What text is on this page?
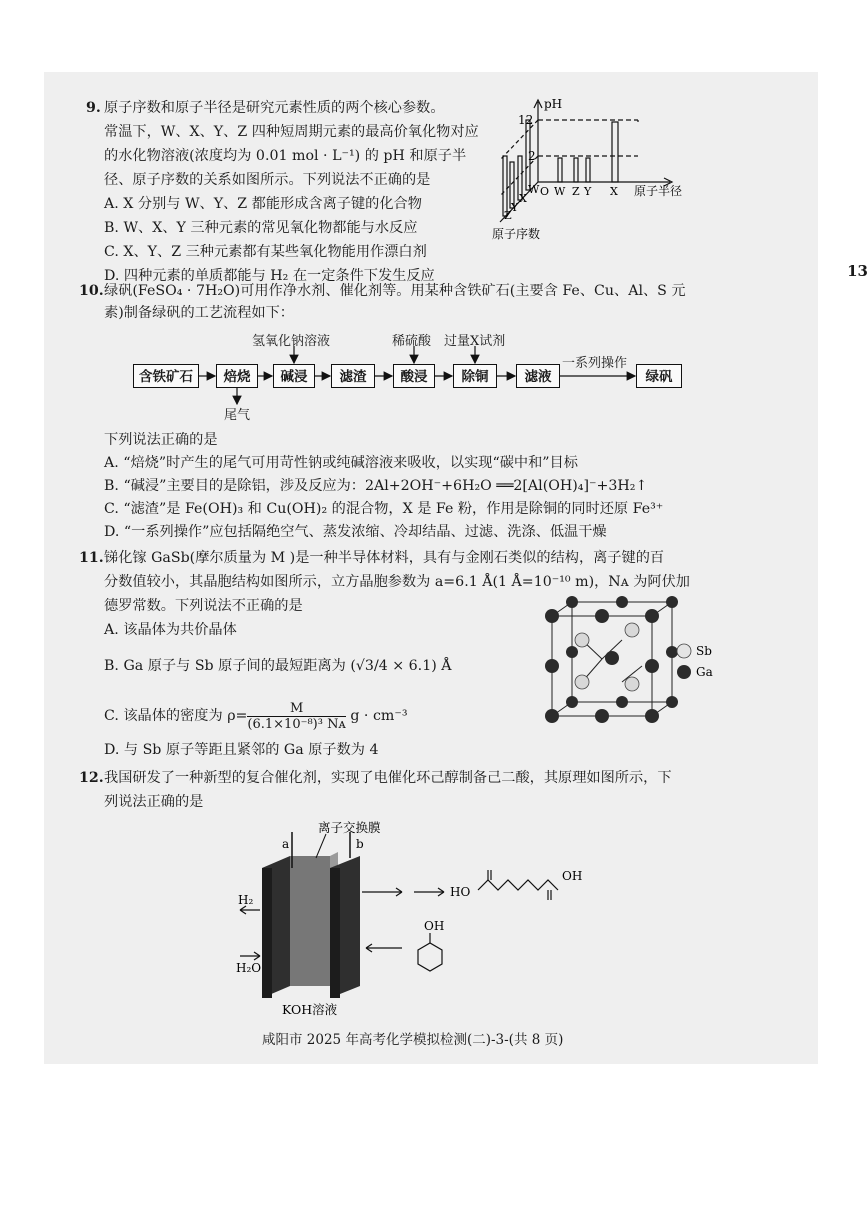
9. 原子序数和原子半径是研究元素性质的两个核心参数。
常温下，W、X、Y、Z 四种短周期元素的最高价氧化物对应
的水化物溶液(浓度均为 0.01 mol · L⁻¹) 的 pH 和原子半
径、原子序数的关系如图所示。下列说法不正确的是
A. X 分别与 W、Y、Z 都能形成含离子键的化合物
B. W、X、Y 三种元素的常见氧化物都能与水反应
C. X、Y、Z 三种元素都有某些氧化物能用作漂白剂
D. 四种元素的单质都能与 H₂ 在一定条件下发生反应
pH
12
2
O W Z Y X 原子半径
Z
Y
X
W
原子序数
13
10. 绿矾(FeSO₄ · 7H₂O)可用作净水剂、催化剂等。用某种含铁矿石(主要含 Fe、Cu、Al、S 元
素)制备绿矾的工艺流程如下：
氢氧化钠溶液	稀硫酸 过量X试剂
一系列操作
含铁矿石	焙烧	碱浸	滤渣	酸浸	除铜	滤液	绿矾
尾气
下列说法正确的是
A. “焙烧”时产生的尾气可用苛性钠或纯碱溶液来吸收，以实现“碳中和”目标
B. “碱浸”主要目的是除铝，涉及反应为：2Al+2OH⁻+6H₂O ══2[Al(OH)₄]⁻+3H₂↑
C. “滤渣”是 Fe(OH)₃ 和 Cu(OH)₂ 的混合物，X 是 Fe 粉，作用是除铜的同时还原 Fe³⁺
D. “一系列操作”应包括隔绝空气、蒸发浓缩、冷却结晶、过滤、洗涤、低温干燥
11. 锑化镓 GaSb(摩尔质量为 M )是一种半导体材料，具有与金刚石类似的结构，离子键的百
分数值较小，其晶胞结构如图所示，立方晶胞参数为 a=6.1 Å(1 Å=10⁻¹⁰ m)，Nᴀ 为阿伏加
德罗常数。下列说法不正确的是
A. 该晶体为共价晶体
B. Ga 原子与 Sb 原子间的最短距离为 (√3/4 × 6.1) Å
C. 该晶体的密度为 $\rho= \frac{M}{\text{(6.1×10⁻⁸)³ Nᴀ}}$ g · cm⁻³
D. 与 Sb 原子等距且紧邻的 Ga 原子数为 4
Sb
Ga
12. 我国研发了一种新型的复合催化剂，实现了电催化环己醇制备己二酸，其原理如图所示，下
列说法正确的是
a	b
离子交换膜
H₂
H₂O
KOH溶液
HO
OH
OH
咸阳市 2025 年高考化学模拟检测(二)-3-(共 8 页)
